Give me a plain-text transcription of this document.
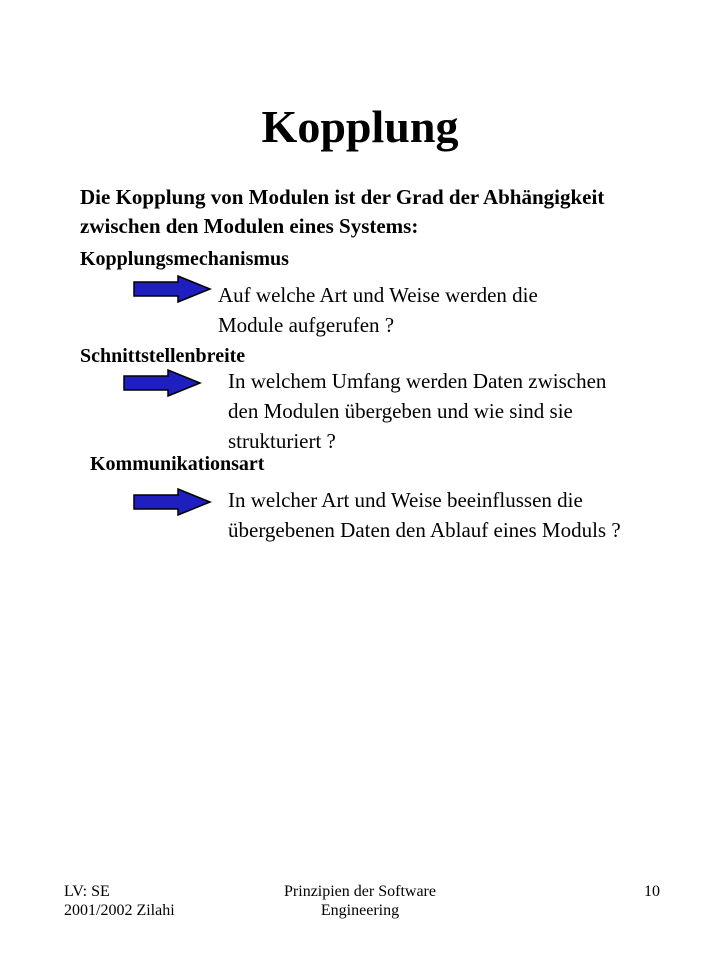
Kopplung
Die Kopplung von Modulen ist der Grad der Abhängigkeit
zwischen den Modulen eines Systems:
Kopplungsmechanismus
Auf welche Art und Weise werden die
Module aufgerufen ?
Schnittstellenbreite
In welchem Umfang werden Daten zwischen
den Modulen übergeben und wie sind sie
strukturiert ?
Kommunikationsart
In welcher Art und Weise beeinflussen die
übergebenen Daten den Ablauf eines Moduls ?
LV: SE
2001/2002 Zilahi
Prinzipien der Software
Engineering
10
